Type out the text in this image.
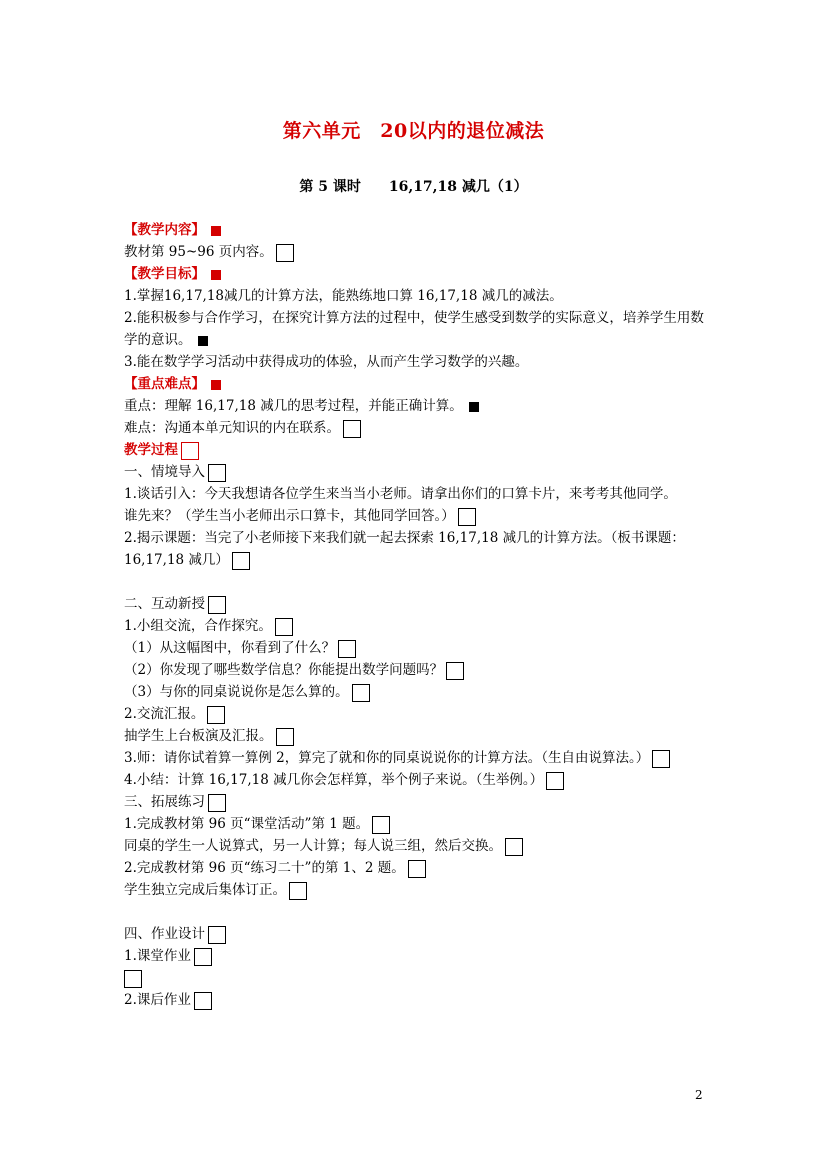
第六单元　20以内的退位减法
第 5 课时　　16,17,18 减几（1）
【教学内容】
教材第 95~96 页内容。
【教学目标】
1.掌握16,17,18减几的计算方法，能熟练地口算 16,17,18 减几的减法。
2.能积极参与合作学习，在探究计算方法的过程中，使学生感受到数学的实际意义，培养学生用数学的意识。
3.能在数学学习活动中获得成功的体验，从而产生学习数学的兴趣。
【重点难点】
重点：理解 16,17,18 减几的思考过程，并能正确计算。
难点：沟通本单元知识的内在联系。
教学过程
一、情境导入
1.谈话引入：今天我想请各位学生来当当小老师。请拿出你们的口算卡片，来考考其他同学。
谁先来？（学生当小老师出示口算卡，其他同学回答。）
2.揭示课题：当完了小老师接下来我们就一起去探索 16,17,18 减几的计算方法。（板书课题：
16,17,18 减几）
二、互动新授
1.小组交流，合作探究。
（1）从这幅图中，你看到了什么？
（2）你发现了哪些数学信息？你能提出数学问题吗？
（3）与你的同桌说说你是怎么算的。
2.交流汇报。
抽学生上台板演及汇报。
3.师：请你试着算一算例 2，算完了就和你的同桌说说你的计算方法。（生自由说算法。）
4.小结：计算 16,17,18 减几你会怎样算，举个例子来说。（生举例。）
三、拓展练习
1.完成教材第 96 页“课堂活动”第 1 题。
同桌的学生一人说算式，另一人计算；每人说三组，然后交换。
2.完成教材第 96 页“练习二十”的第 1、2 题。
学生独立完成后集体订正。
四、作业设计
1.课堂作业
2.课后作业
2
